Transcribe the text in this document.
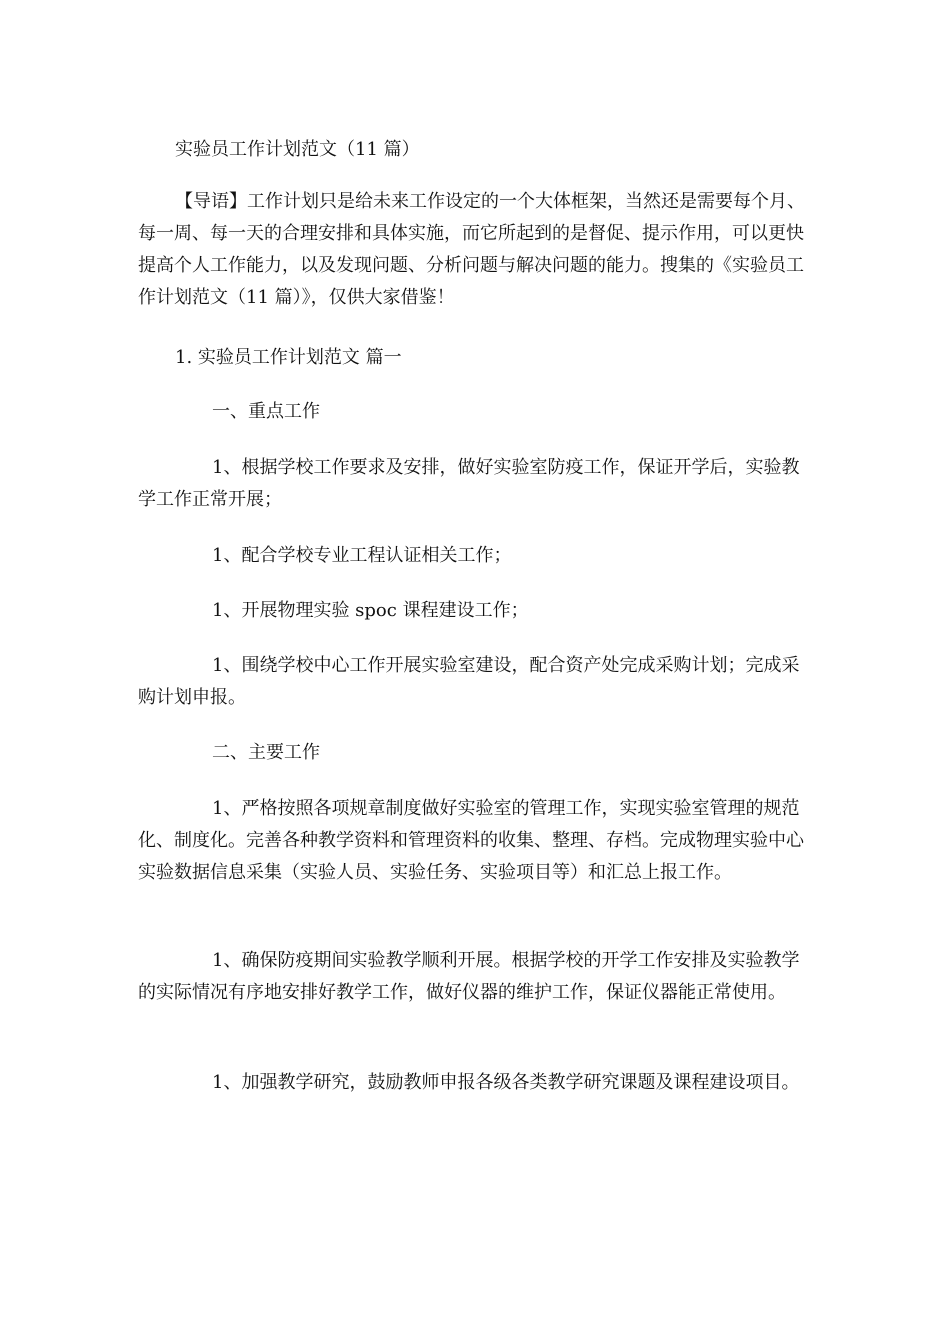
实验员工作计划范文（11 篇）
【导语】工作计划只是给未来工作设定的一个大体框架，当然还是需要每个月、每一周、每一天的合理安排和具体实施，而它所起到的是督促、提示作用，可以更快提高个人工作能力，以及发现问题、分析问题与解决问题的能力。搜集的《实验员工作计划范文（11 篇）》，仅供大家借鉴！
1. 实验员工作计划范文 篇一
一、重点工作
1、根据学校工作要求及安排，做好实验室防疫工作，保证开学后，实验教学工作正常开展；
1、配合学校专业工程认证相关工作；
1、开展物理实验 spoc 课程建设工作；
1、围绕学校中心工作开展实验室建设，配合资产处完成采购计划；完成采购计划申报。
二、主要工作
1、严格按照各项规章制度做好实验室的管理工作，实现实验室管理的规范化、制度化。完善各种教学资料和管理资料的收集、整理、存档。完成物理实验中心实验数据信息采集（实验人员、实验任务、实验项目等）和汇总上报工作。
1、确保防疫期间实验教学顺利开展。根据学校的开学工作安排及实验教学的实际情况有序地安排好教学工作，做好仪器的维护工作，保证仪器能正常使用。
1、加强教学研究，鼓励教师申报各级各类教学研究课题及课程建设项目。
